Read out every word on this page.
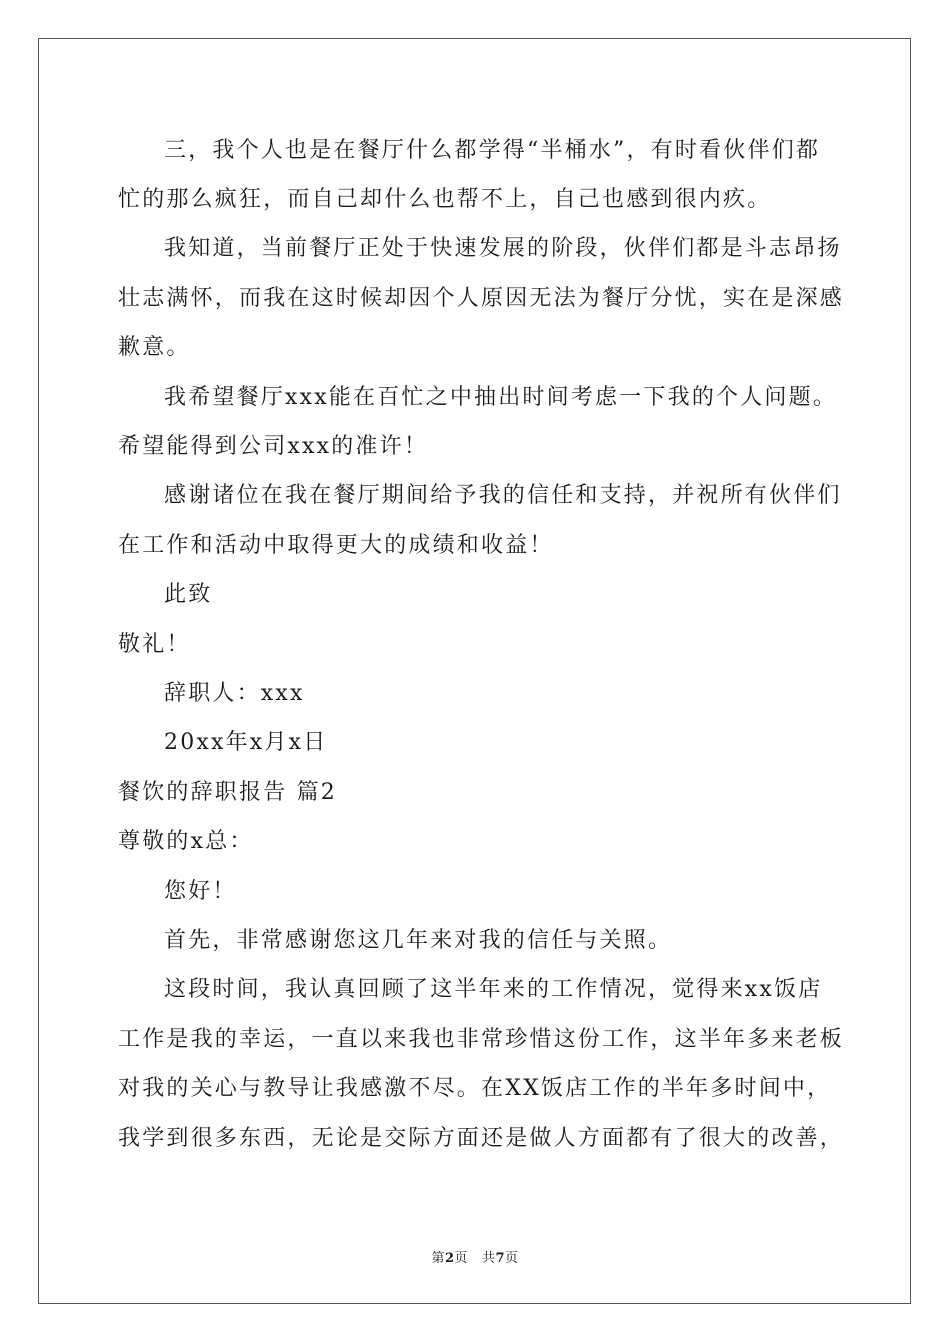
三，我个人也是在餐厅什么都学得“半桶水”，有时看伙伴们都
忙的那么疯狂，而自己却什么也帮不上，自己也感到很内疚。
我知道，当前餐厅正处于快速发展的阶段，伙伴们都是斗志昂扬
壮志满怀，而我在这时候却因个人原因无法为餐厅分忧，实在是深感
歉意。
我希望餐厅xxx能在百忙之中抽出时间考虑一下我的个人问题。
希望能得到公司xxx的准许！
感谢诸位在我在餐厅期间给予我的信任和支持，并祝所有伙伴们
在工作和活动中取得更大的成绩和收益！
此致
敬礼！
辞职人：xxx
20xx年x月x日
餐饮的辞职报告 篇2
尊敬的x总：
您好！
首先，非常感谢您这几年来对我的信任与关照。
这段时间，我认真回顾了这半年来的工作情况，觉得来xx饭店
工作是我的幸运，一直以来我也非常珍惜这份工作，这半年多来老板
对我的关心与教导让我感激不尽。在XX饭店工作的半年多时间中，
我学到很多东西，无论是交际方面还是做人方面都有了很大的改善，
第2页 共7页
